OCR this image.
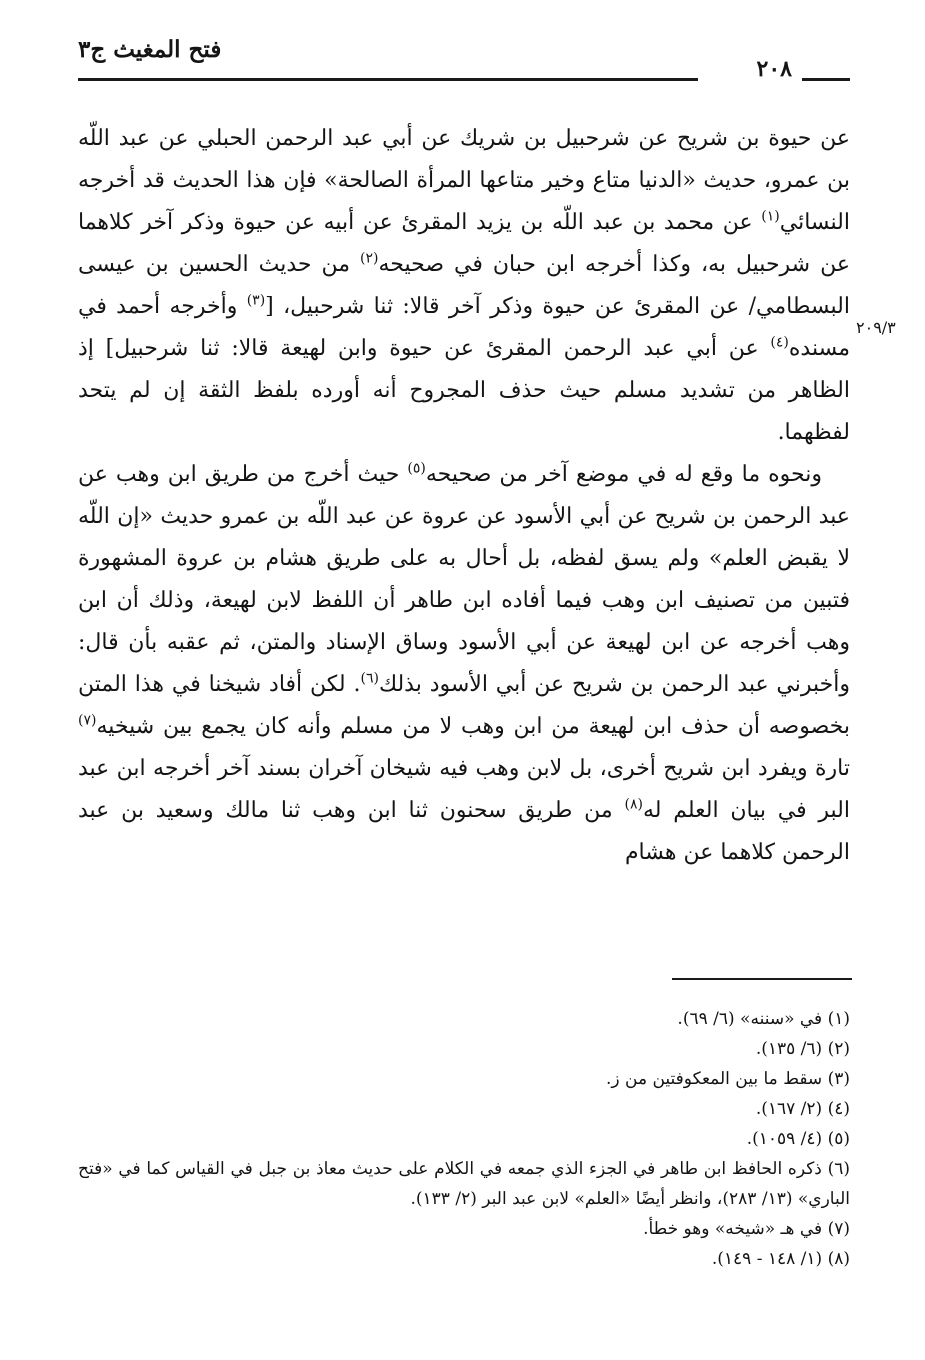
فتح المغيث ج٣
٢٠٨
٢٠٩/٣

عن حيوة بن شريح عن شرحبيل بن شريك عن أبي عبد الرحمن الحبلي عن عبد اللّه بن عمرو، حديث «الدنيا متاع وخير متاعها المرأة الصالحة» فإن هذا الحديث قد أخرجه النسائي$^{(١)}$ عن محمد بن عبد اللّه بن يزيد المقرئ عن أبيه عن حيوة وذكر آخر كلاهما عن شرحبيل به، وكذا أخرجه ابن حبان في صحيحه$^{(٢)}$ من حديث الحسين بن عيسى البسطامي/ عن المقرئ عن حيوة وذكر آخر قالا: ثنا شرحبيل، [$^{(٣)}$ وأخرجه أحمد في مسنده$^{(٤)}$ عن أبي عبد الرحمن المقرئ عن حيوة وابن لهيعة قالا: ثنا شرحبيل] إذ الظاهر من تشديد مسلم حيث حذف المجروح أنه أورده بلفظ الثقة إن لم يتحد لفظهما.

ونحوه ما وقع له في موضع آخر من صحيحه$^{(٥)}$ حيث أخرج من طريق ابن وهب عن عبد الرحمن بن شريح عن أبي الأسود عن عروة عن عبد اللّه بن عمرو حديث «إن اللّه لا يقبض العلم» ولم يسق لفظه، بل أحال به على طريق هشام بن عروة المشهورة فتبين من تصنيف ابن وهب فيما أفاده ابن طاهر أن اللفظ لابن لهيعة، وذلك أن ابن وهب أخرجه عن ابن لهيعة عن أبي الأسود وساق الإسناد والمتن، ثم عقبه بأن قال: وأخبرني عبد الرحمن بن شريح عن أبي الأسود بذلك$^{(٦)}$. لكن أفاد شيخنا في هذا المتن بخصوصه أن حذف ابن لهيعة من ابن وهب لا من مسلم وأنه كان يجمع بين شيخيه$^{(٧)}$ تارة ويفرد ابن شريح أخرى، بل لابن وهب فيه شيخان آخران بسند آخر أخرجه ابن عبد البر في بيان العلم له$^{(٨)}$ من طريق سحنون ثنا ابن وهب ثنا مالك وسعيد بن عبد الرحمن كلاهما عن هشام

(١) في «سننه» (٦/ ٦٩).
(٢) (٦/ ١٣٥).
(٣) سقط ما بين المعكوفتين من ز.
(٤) (٢/ ١٦٧).
(٥) (٤/ ١٠٥٩).
(٦) ذكره الحافظ ابن طاهر في الجزء الذي جمعه في الكلام على حديث معاذ بن جبل في القياس كما في «فتح الباري» (١٣/ ٢٨٣)، وانظر أيضًا «العلم» لابن عبد البر (٢/ ١٣٣).
(٧) في هـ «شيخه» وهو خطأ.
(٨) (١/ ١٤٨ - ١٤٩).
